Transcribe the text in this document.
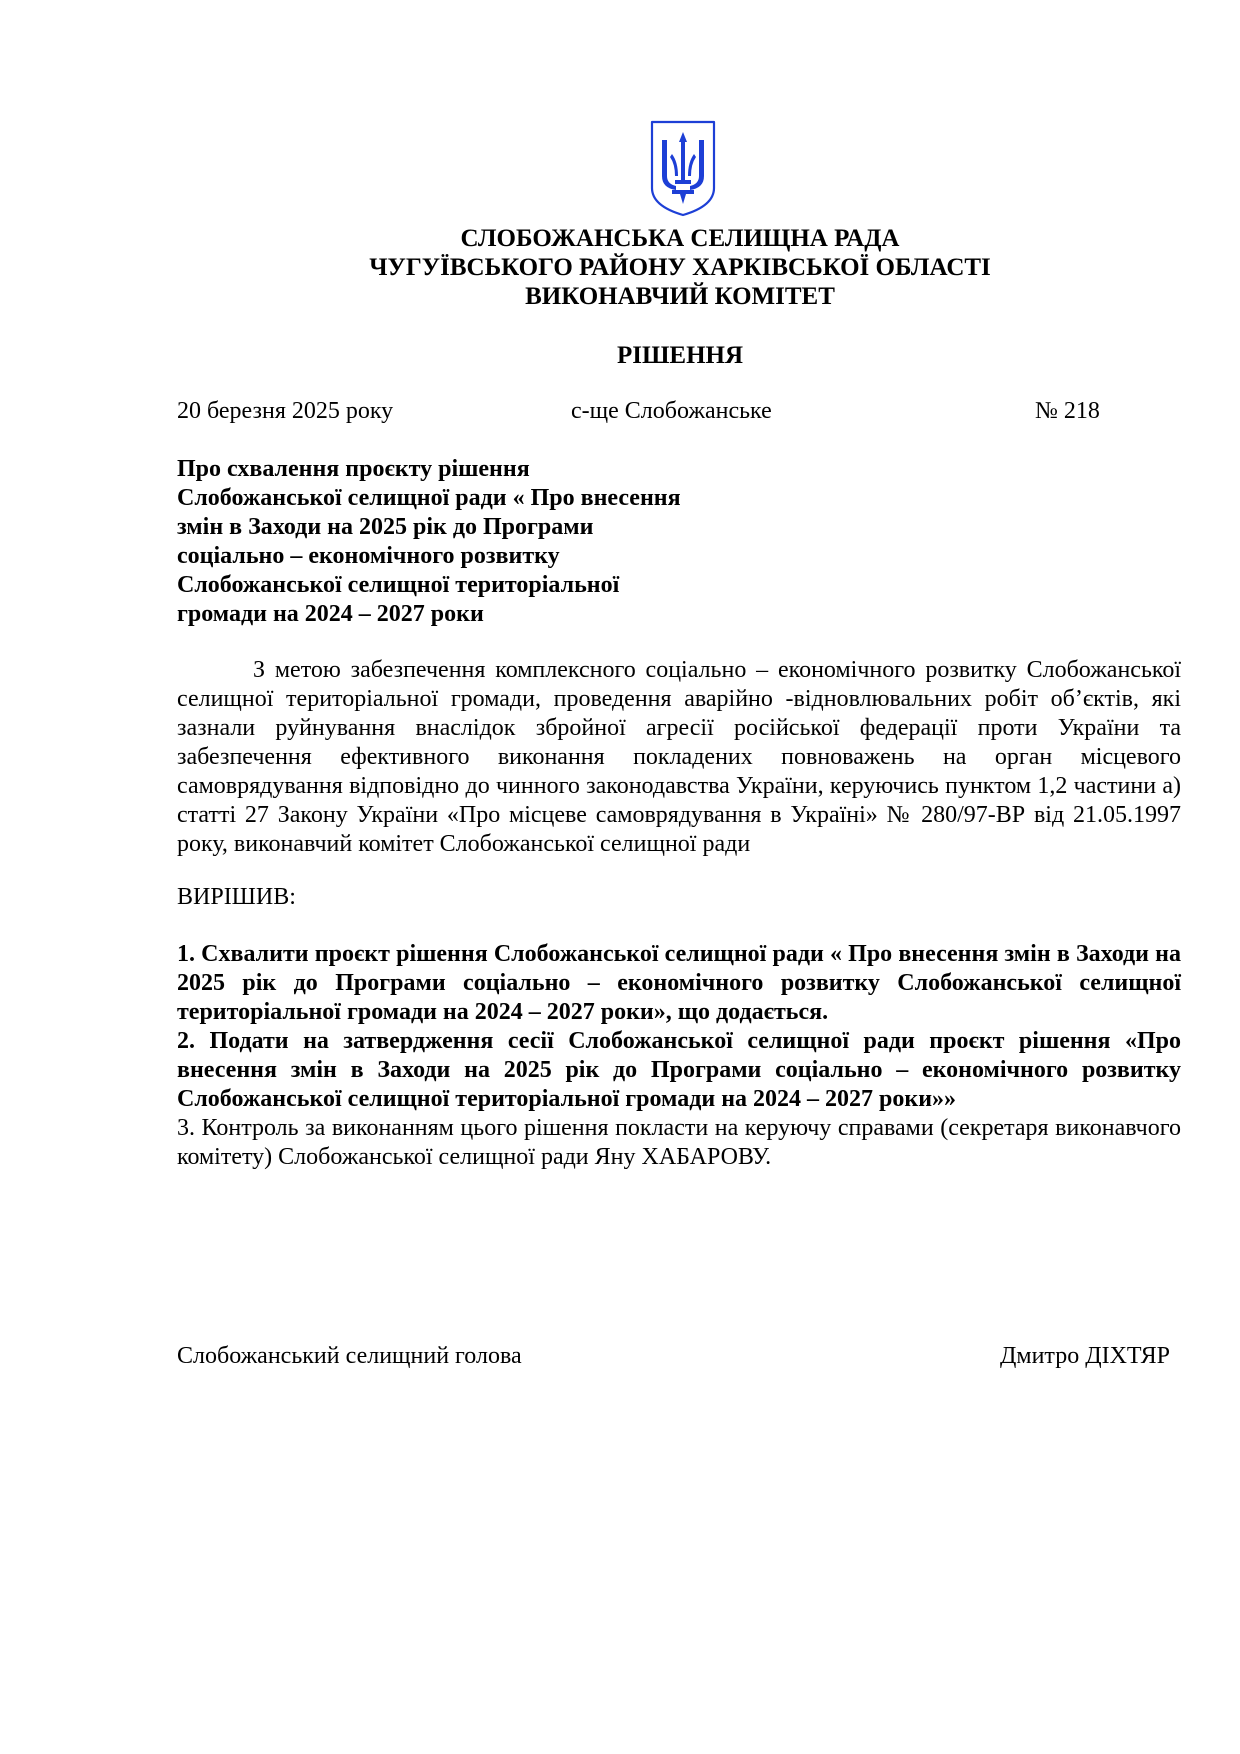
СЛОБОЖАНСЬКА СЕЛИЩНА РАДА
ЧУГУЇВСЬКОГО РАЙОНУ ХАРКІВСЬКОЇ ОБЛАСТІ
ВИКОНАВЧИЙ КОМІТЕТ
РІШЕННЯ
20 березня 2025 року	с-ще Слобожанське	№ 218
Про схвалення проєкту рішення
Слобожанської селищної ради « Про внесення
змін в Заходи на 2025 рік до Програми
соціально – економічного розвитку
Слобожанської селищної територіальної
громади на 2024 – 2027 роки
З метою забезпечення комплексного соціально – економічного розвитку Слобожанської селищної територіальної громади, проведення аварійно -відновлювальних робіт об’єктів, які зазнали руйнування внаслідок збройної агресії російської федерації проти України та забезпечення ефективного виконання покладених повноважень на орган місцевого самоврядування відповідно до чинного законодавства України, керуючись пунктом 1,2 частини а) статті 27 Закону України «Про місцеве самоврядування в Україні» № 280/97-ВР від 21.05.1997 року, виконавчий комітет Слобожанської селищної ради
ВИРІШИВ:

1. Схвалити проєкт рішення Слобожанської селищної ради « Про внесення змін в Заходи на 2025 рік до Програми соціально – економічного розвитку Слобожанської селищної територіальної громади на 2024 – 2027 роки», що додається.

2. Подати на затвердження сесії Слобожанської селищної ради проєкт рішення «Про внесення змін в Заходи на 2025 рік до Програми соціально – економічного розвитку Слобожанської селищної територіальної громади на 2024 – 2027 роки»»

3. Контроль за виконанням цього рішення покласти на керуючу справами (секретаря виконавчого комітету) Слобожанської селищної ради Яну ХАБАРОВУ.

Слобожанський селищний голова	Дмитро ДІХТЯР
